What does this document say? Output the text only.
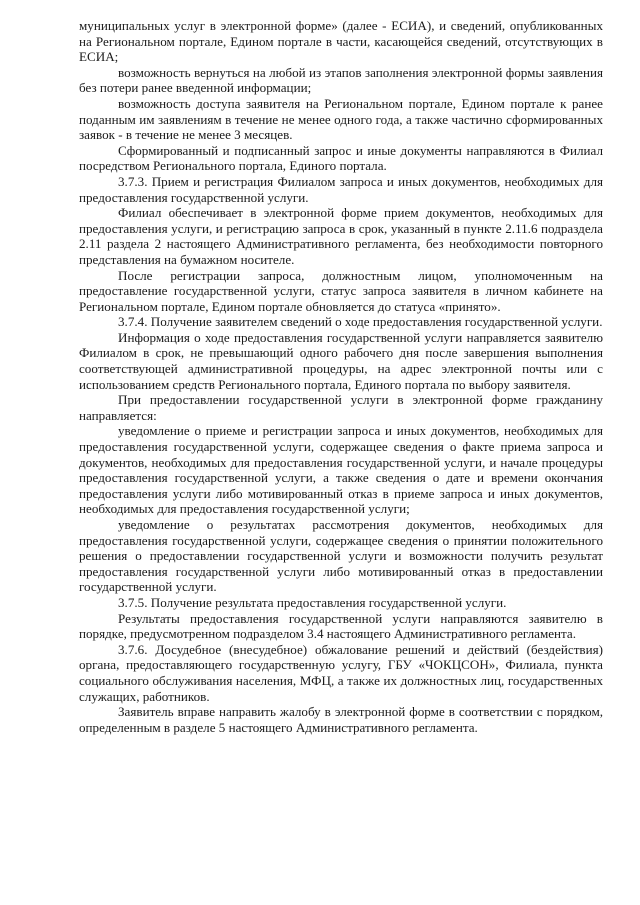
муниципальных услуг в электронной форме» (далее - ЕСИА), и сведений, опубликованных на Региональном портале, Едином портале в части, касающейся сведений, отсутствующих в ЕСИА;

возможность вернуться на любой из этапов заполнения электронной формы заявления без потери ранее введенной информации;

возможность доступа заявителя на Региональном портале, Едином портале к ранее поданным им заявлениям в течение не менее одного года, а также частично сформированных заявок - в течение не менее 3 месяцев.

Сформированный и подписанный запрос и иные документы направляются в Филиал посредством Регионального портала, Единого портала.

3.7.3. Прием и регистрация Филиалом запроса и иных документов, необходимых для предоставления государственной услуги.

Филиал обеспечивает в электронной форме прием документов, необходимых для предоставления услуги, и регистрацию запроса в срок, указанный в пункте 2.11.6 подраздела 2.11 раздела 2 настоящего Административного регламента, без необходимости повторного представления на бумажном носителе.

После регистрации запроса, должностным лицом, уполномоченным на предоставление государственной услуги, статус запроса заявителя в личном кабинете на Региональном портале, Едином портале обновляется до статуса «принято».

3.7.4. Получение заявителем сведений о ходе предоставления государственной услуги.

Информация о ходе предоставления государственной услуги направляется заявителю Филиалом в срок, не превышающий одного рабочего дня после завершения выполнения соответствующей административной процедуры, на адрес электронной почты или с использованием средств Регионального портала, Единого портала по выбору заявителя.

При предоставлении государственной услуги в электронной форме гражданину направляется:

уведомление о приеме и регистрации запроса и иных документов, необходимых для предоставления государственной услуги, содержащее сведения о факте приема запроса и документов, необходимых для предоставления государственной услуги, и начале процедуры предоставления государственной услуги, а также сведения о дате и времени окончания предоставления услуги либо мотивированный отказ в приеме запроса и иных документов, необходимых для предоставления государственной услуги;

уведомление о результатах рассмотрения документов, необходимых для предоставления государственной услуги, содержащее сведения о принятии положительного решения о предоставлении государственной услуги и возможности получить результат предоставления государственной услуги либо мотивированный отказ в предоставлении государственной услуги.

3.7.5. Получение результата предоставления государственной услуги.

Результаты предоставления государственной услуги направляются заявителю в порядке, предусмотренном подразделом 3.4 настоящего Административного регламента.

3.7.6. Досудебное (внесудебное) обжалование решений и действий (бездействия) органа, предоставляющего государственную услугу, ГБУ «ЧОКЦСОН», Филиала, пункта социального обслуживания населения, МФЦ, а также их должностных лиц, государственных служащих, работников.

Заявитель вправе направить жалобу в электронной форме в соответствии с порядком, определенным в разделе 5 настоящего Административного регламента.
